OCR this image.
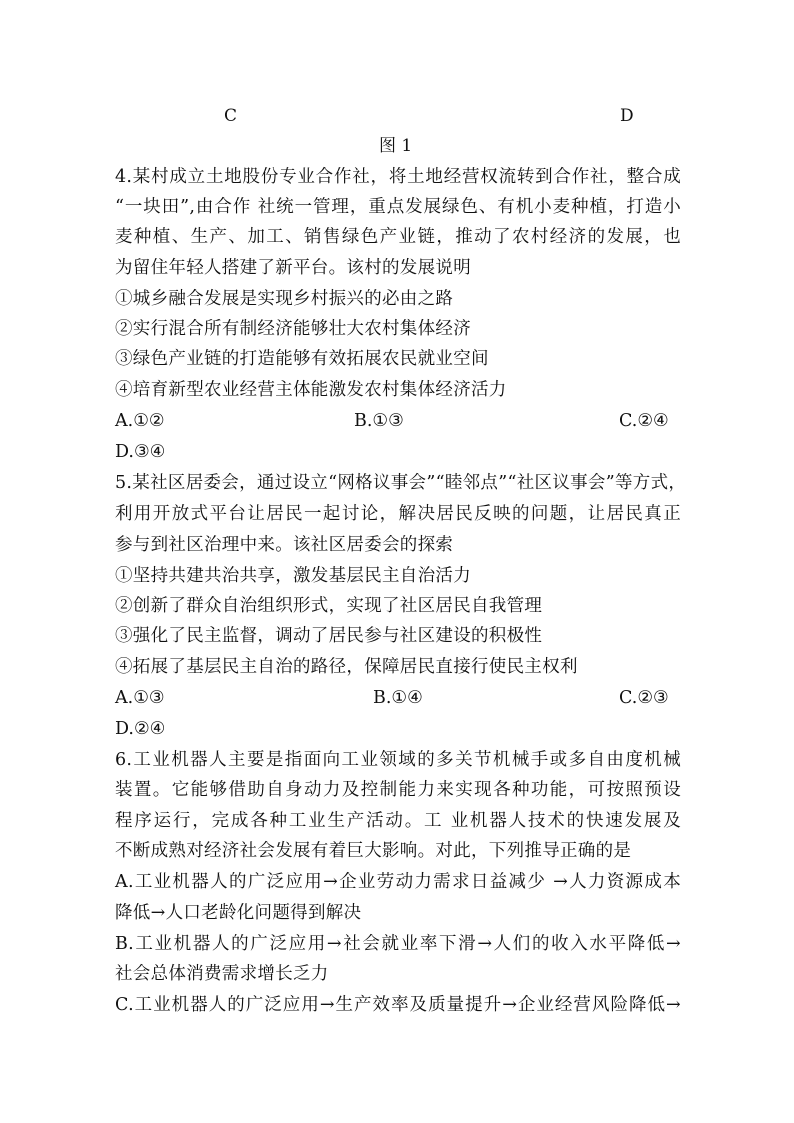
C	D
图 1
4.某村成立土地股份专业合作社，将土地经营权流转到合作社，整合成
“一块田”,由合作 社统一管理，重点发展绿色、有机小麦种植，打造小
麦种植、生产、加工、销售绿色产业链，推动了农村经济的发展，也
为留住年轻人搭建了新平台。该村的发展说明
①城乡融合发展是实现乡村振兴的必由之路
②实行混合所有制经济能够壮大农村集体经济
③绿色产业链的打造能够有效拓展农民就业空间
④培育新型农业经营主体能激发农村集体经济活力
A.①②	B.①③	C.②④
D.③④
5.某社区居委会，通过设立“网格议事会”“睦邻点”“社区议事会”等方式，
利用开放式平台让居民一起讨论，解决居民反映的问题，让居民真正
参与到社区治理中来。该社区居委会的探索
①坚持共建共治共享，激发基层民主自治活力
②创新了群众自治组织形式，实现了社区居民自我管理
③强化了民主监督，调动了居民参与社区建设的积极性
④拓展了基层民主自治的路径，保障居民直接行使民主权利
A.①③	B.①④	C.②③
D.②④
6.工业机器人主要是指面向工业领域的多关节机械手或多自由度机械
装置。它能够借助自身动力及控制能力来实现各种功能，可按照预设
程序运行，完成各种工业生产活动。工 业机器人技术的快速发展及
不断成熟对经济社会发展有着巨大影响。对此，下列推导正确的是
A.工业机器人的广泛应用→企业劳动力需求日益减少 →人力资源成本
降低→人口老龄化问题得到解决
B.工业机器人的广泛应用→社会就业率下滑→人们的收入水平降低→
社会总体消费需求增长乏力
C.工业机器人的广泛应用→生产效率及质量提升→企业经营风险降低→
